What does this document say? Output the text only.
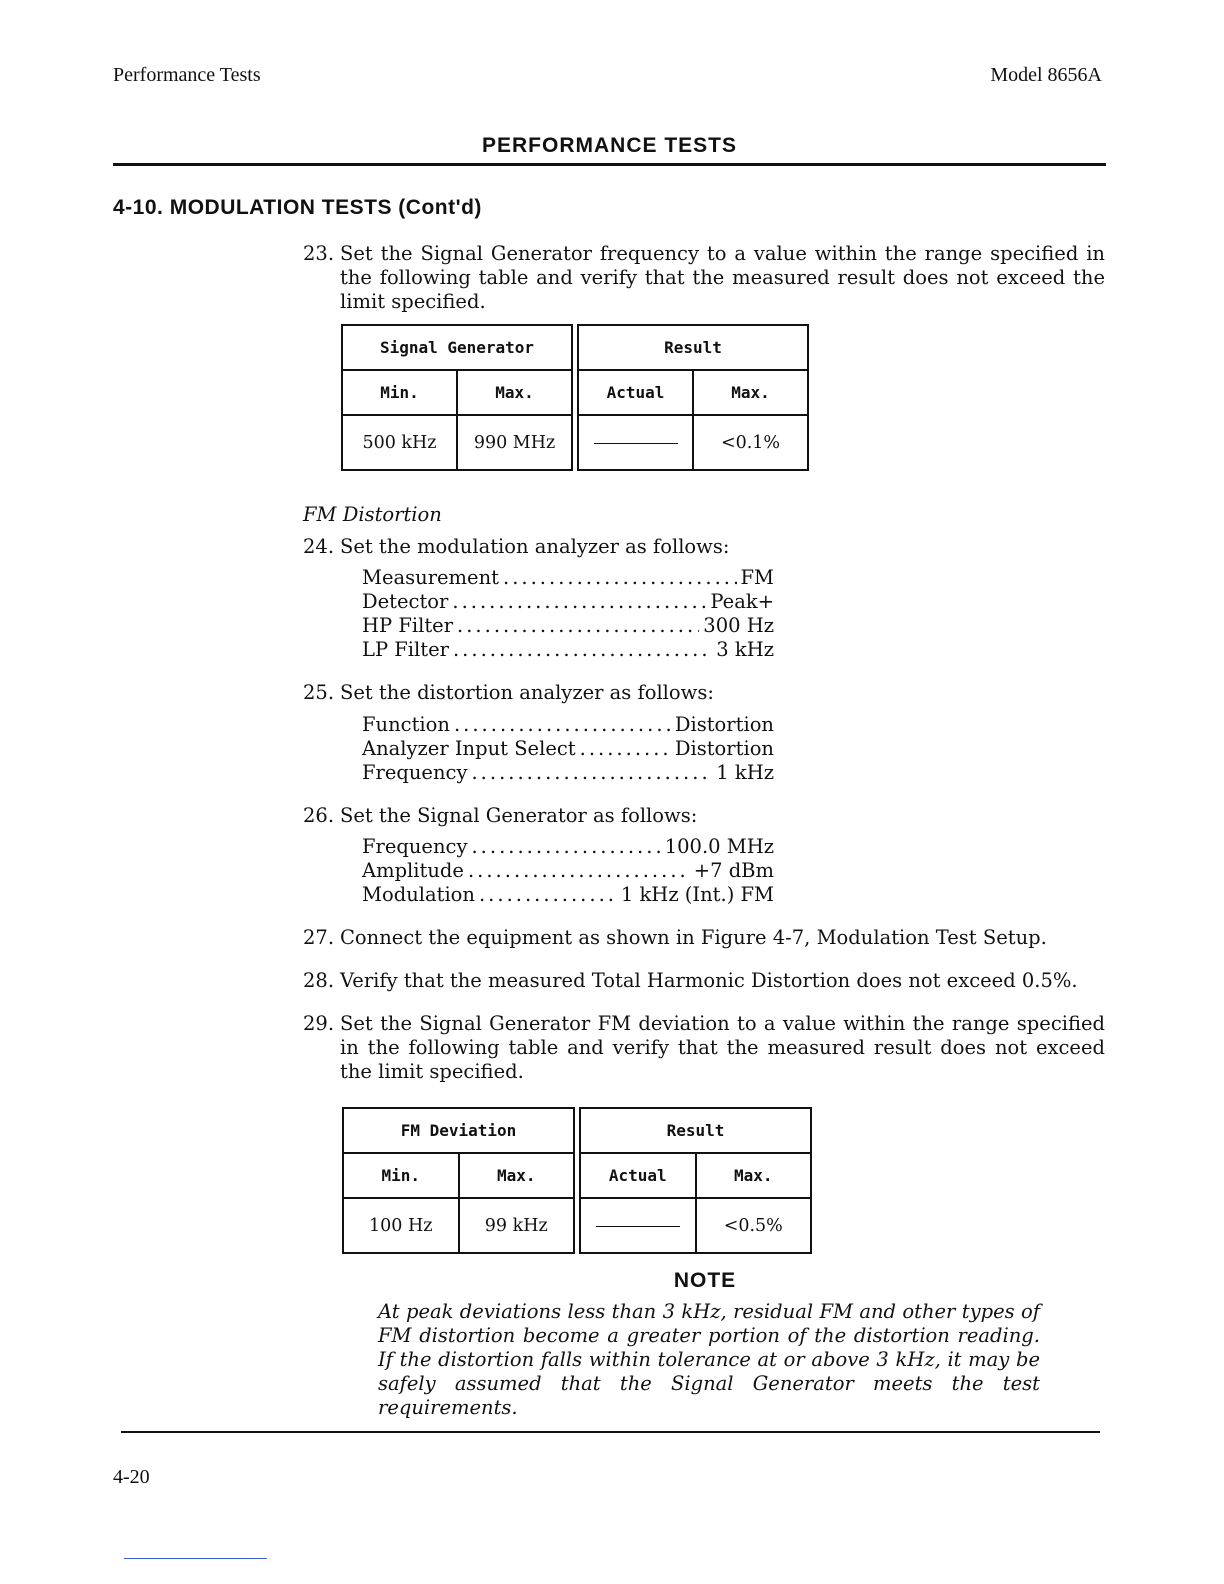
Performance Tests	Model 8656A
PERFORMANCE TESTS
4-10. MODULATION TESTS (Cont'd)
23. Set the Signal Generator frequency to a value within the range specified in the following table and verify that the measured result does not exceed the limit specified.
Signal Generator			Result	
Min.	Max.		Actual	Max.
500 kHz	990 MHz			<0.1%
FM Distortion
24. Set the modulation analyzer as follows:
Measurement .....	FM
Detector .....	Peak+
HP Filter .....	300 Hz
LP Filter .....	3 kHz
25. Set the distortion analyzer as follows:
Function .....	Distortion
Analyzer Input Select .....	Distortion
Frequency .....	1 kHz
26. Set the Signal Generator as follows:
Frequency .....	100.0 MHz
Amplitude .....	+7 dBm
Modulation .....	1 kHz (Int.) FM
27. Connect the equipment as shown in Figure 4-7, Modulation Test Setup.
28. Verify that the measured Total Harmonic Distortion does not exceed 0.5%.
29. Set the Signal Generator FM deviation to a value within the range specified in the following table and verify that the measured result does not exceed the limit specified.
FM Deviation			Result	
Min.	Max.		Actual	Max.
100 Hz	99 kHz			<0.5%
NOTE
At peak deviations less than 3 kHz, residual FM and other types of FM distortion become a greater portion of the distortion reading. If the distortion falls within tolerance at or above 3 kHz, it may be safely assumed that the Signal Generator meets the test requirements.
4-20
